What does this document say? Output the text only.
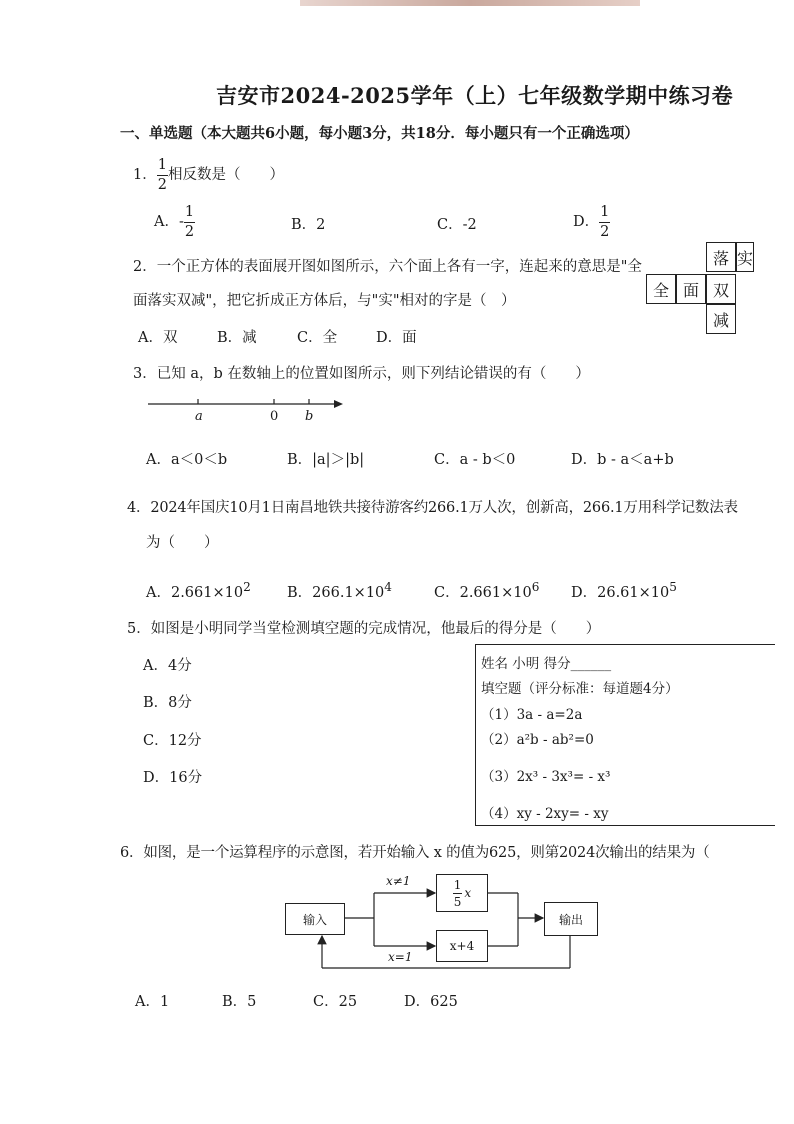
吉安市2024-2025学年（上）七年级数学期中练习卷
一、单选题（本大题共6小题，每小题3分，共18分．每小题只有一个正确选项）
1． $\frac{1}{2}$ 相反数是（　　）
A．- $\frac{1}{2}$	B．2	C．-2	D． $\frac{1}{2}$
2．一个正方体的表面展开图如图所示，六个面上各有一字，连起来的意思是"全
面落实双减"，把它折成正方体后，与"实"相对的字是（　）
A．双	B．减	C．全	D．面
落 实
全 面 双
减
3．已知 a，b 在数轴上的位置如图所示，则下列结论错误的有（　　）
a	0 b
A．a＜0＜b	B．|a|＞|b|	C．a - b＜0	D．b - a＜a+b
4．2024年国庆10月1日南昌地铁共接待游客约266.1万人次，创新高，266.1万用科学记数法表
为（　　）
A．$2.661\times 10^2$ B．$266.1\times 10^4$	C．$2.661\times 10^6$ D．$26.61\times 10^5$
5．如图是小明同学当堂检测填空题的完成情况，他最后的得分是（　　）
A．4分
B．8分
C．12分
D．16分
姓名 小明 得分______
填空题（评分标准：每道题4分）
（1）3a - a=2a
（2）a²b - ab²=0
（3）2x³ - 3x³= - x³
（4）xy - 2xy= - xy
6．如图，是一个运算程序的示意图，若开始输入 x 的值为625，则第2024次输出的结果为（
输入
$\frac{1}{5}$ x
x+4
输出
x≠1
x=1
A．1	B．5	C．25	D．625
